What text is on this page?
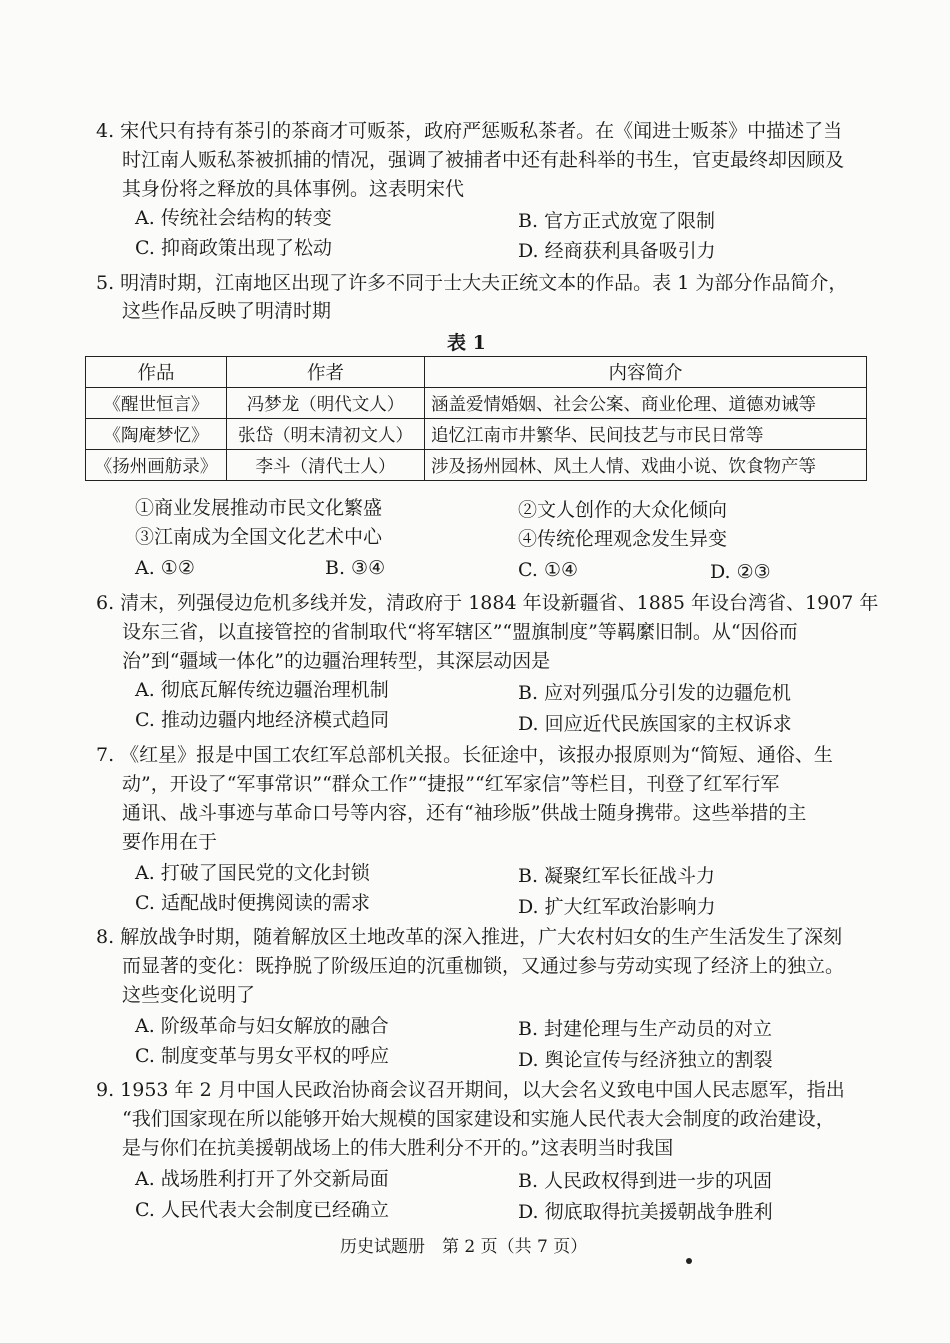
4. 宋代只有持有茶引的茶商才可贩茶，政府严惩贩私茶者。在《闻进士贩茶》中描述了当
时江南人贩私茶被抓捕的情况，强调了被捕者中还有赴科举的书生，官吏最终却因顾及
其身份将之释放的具体事例。这表明宋代
A. 传统社会结构的转变	B. 官方正式放宽了限制
C. 抑商政策出现了松动	D. 经商获利具备吸引力
5. 明清时期，江南地区出现了许多不同于士大夫正统文本的作品。表 1 为部分作品简介，
这些作品反映了明清时期
表 1
作品	作者	内容简介
《醒世恒言》	冯梦龙（明代文人）	涵盖爱情婚姻、社会公案、商业伦理、道德劝诫等
《陶庵梦忆》	张岱（明末清初文人）	追忆江南市井繁华、民间技艺与市民日常等
《扬州画舫录》	李斗（清代士人）	涉及扬州园林、风土人情、戏曲小说、饮食物产等
①商业发展推动市民文化繁盛	②文人创作的大众化倾向
③江南成为全国文化艺术中心	④传统伦理观念发生异变
A. ①②	B. ③④	C. ①④	D. ②③
6. 清末，列强侵边危机多线并发，清政府于 1884 年设新疆省、1885 年设台湾省、1907 年
设东三省，以直接管控的省制取代“将军辖区”“盟旗制度”等羁縻旧制。从“因俗而
治”到“疆域一体化”的边疆治理转型，其深层动因是
A. 彻底瓦解传统边疆治理机制	B. 应对列强瓜分引发的边疆危机
C. 推动边疆内地经济模式趋同	D. 回应近代民族国家的主权诉求
7. 《红星》报是中国工农红军总部机关报。长征途中，该报办报原则为“简短、通俗、生
动”，开设了“军事常识”“群众工作”“捷报”“红军家信”等栏目，刊登了红军行军
通讯、战斗事迹与革命口号等内容，还有“袖珍版”供战士随身携带。这些举措的主
要作用在于
A. 打破了国民党的文化封锁	B. 凝聚红军长征战斗力
C. 适配战时便携阅读的需求	D. 扩大红军政治影响力
8. 解放战争时期，随着解放区土地改革的深入推进，广大农村妇女的生产生活发生了深刻
而显著的变化：既挣脱了阶级压迫的沉重枷锁，又通过参与劳动实现了经济上的独立。
这些变化说明了
A. 阶级革命与妇女解放的融合	B. 封建伦理与生产动员的对立
C. 制度变革与男女平权的呼应	D. 舆论宣传与经济独立的割裂
9. 1953 年 2 月中国人民政治协商会议召开期间，以大会名义致电中国人民志愿军，指出
“我们国家现在所以能够开始大规模的国家建设和实施人民代表大会制度的政治建设，
是与你们在抗美援朝战场上的伟大胜利分不开的。”这表明当时我国
A. 战场胜利打开了外交新局面	B. 人民政权得到进一步的巩固
C. 人民代表大会制度已经确立	D. 彻底取得抗美援朝战争胜利
历史试题册　第 2 页（共 7 页）
